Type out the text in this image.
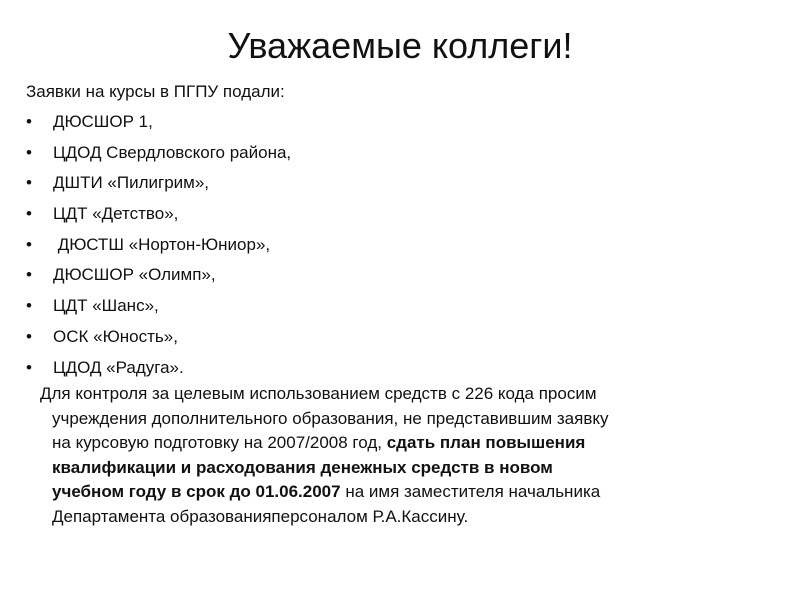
Уважаемые коллеги!

Заявки на курсы в ПГПУ подали:

•	ДЮСШОР 1,
•	ЦДОД Свердловского района,
•	ДШТИ «Пилигрим»,
•	ЦДТ «Детство»,
•	ДЮСТШ «Нортон-Юниор»,
•	ДЮСШОР «Олимп»,
•	ЦДТ «Шанс»,
•	ОСК «Юность»,
•	ЦДОД «Радуга».
Для контроля за целевым использованием средств с 226 кода просим
учреждения дополнительного образования, не представившим заявку
на курсовую подготовку на 2007/2008 год, сдать план повышения
квалификации и расходования денежных средств в новом
учебном году в срок до 01.06.2007 на имя заместителя начальника
Департамента образованияперсоналом Р.А.Кассину.
